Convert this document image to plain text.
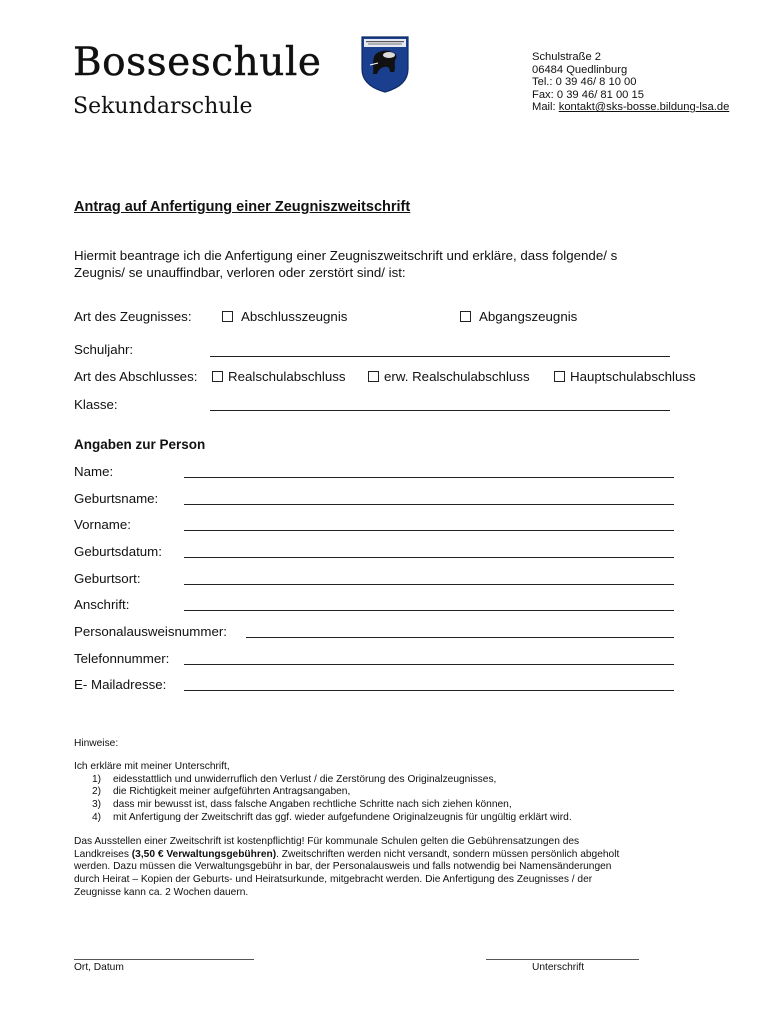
Bosseschule
Sekundarschule
Schulstraße 2
06484 Quedlinburg
Tel.: 0 39 46/ 8 10 00
Fax: 0 39 46/ 81 00 15
Mail: kontakt@sks-bosse.bildung-lsa.de
Antrag auf Anfertigung einer Zeugniszweitschrift
Hiermit beantrage ich die Anfertigung einer Zeugniszweitschrift und erkläre, dass folgende/ s
Zeugnis/ se unauffindbar, verloren oder zerstört sind/ ist:
Art des Zeugnisses:	Abschlusszeugnis	Abgangszeugnis
Schuljahr:
Art des Abschlusses:	Realschulabschluss	erw. Realschulabschluss	Hauptschulabschluss
Klasse:
Angaben zur Person
Name:
Geburtsname:
Vorname:
Geburtsdatum:
Geburtsort:
Anschrift:
Personalausweisnummer:
Telefonnummer:
E- Mailadresse:
Hinweise:
Ich erkläre mit meiner Unterschrift,
1)	eidesstattlich und unwiderruflich den Verlust / die Zerstörung des Originalzeugnisses,
2)	die Richtigkeit meiner aufgeführten Antragsangaben,
3)	dass mir bewusst ist, dass falsche Angaben rechtliche Schritte nach sich ziehen können,
4)	mit Anfertigung der Zweitschrift das ggf. wieder aufgefundene Originalzeugnis für ungültig erklärt wird.
Das Ausstellen einer Zweitschrift ist kostenpflichtig! Für kommunale Schulen gelten die Gebührensatzungen des
Landkreises (3,50 € Verwaltungsgebühren). Zweitschriften werden nicht versandt, sondern müssen persönlich abgeholt
werden. Dazu müssen die Verwaltungsgebühr in bar, der Personalausweis und falls notwendig bei Namensänderungen
durch Heirat – Kopien der Geburts- und Heiratsurkunde, mitgebracht werden. Die Anfertigung des Zeugnisses / der
Zeugnisse kann ca. 2 Wochen dauern.
Ort, Datum	Unterschrift
